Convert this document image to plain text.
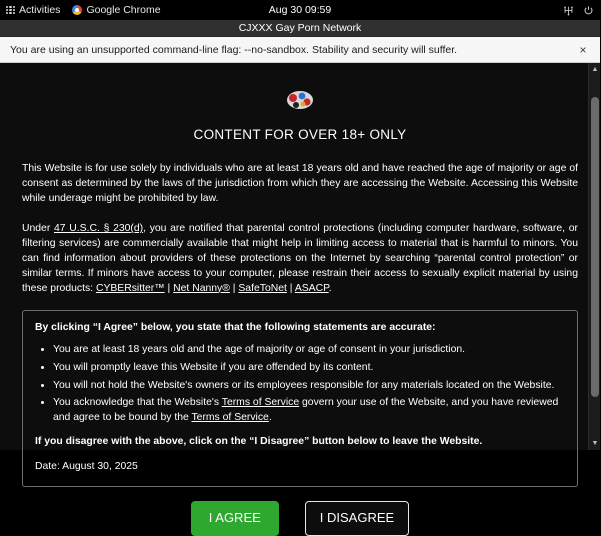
Activities Google Chrome	Aug 30 09:59
CJXXX Gay Porn Network
You are using an unsupported command-line flag: --no-sandbox. Stability and security will suffer.	×
CONTENT FOR OVER 18+ ONLY

This Website is for use solely by individuals who are at least 18 years old and have reached the age of majority or age of consent as determined by the laws of the jurisdiction from which they are accessing the Website. Accessing this Website while underage might be prohibited by law.

Under 47 U.S.C. § 230(d), you are notified that parental control protections (including computer hardware, software, or filtering services) are commercially available that might help in limiting access to material that is harmful to minors. You can find information about providers of these protections on the Internet by searching “parental control protection” or similar terms. If minors have access to your computer, please restrain their access to sexually explicit material by using these products: CYBERsitter™ | Net Nanny® | SafeToNet | ASACP.

By clicking “I Agree” below, you state that the following statements are accurate:

• You are at least 18 years old and the age of majority or age of consent in your jurisdiction.
• You will promptly leave this Website if you are offended by its content.
• You will not hold the Website's owners or its employees responsible for any materials located on the Website.
• You acknowledge that the Website's Terms of Service govern your use of the Website, and you have reviewed and agree to be bound by the Terms of Service.

If you disagree with the above, click on the “I Disagree” button below to leave the Website.

Date: August 30, 2025

I AGREE	I DISAGREE
▲
▼
